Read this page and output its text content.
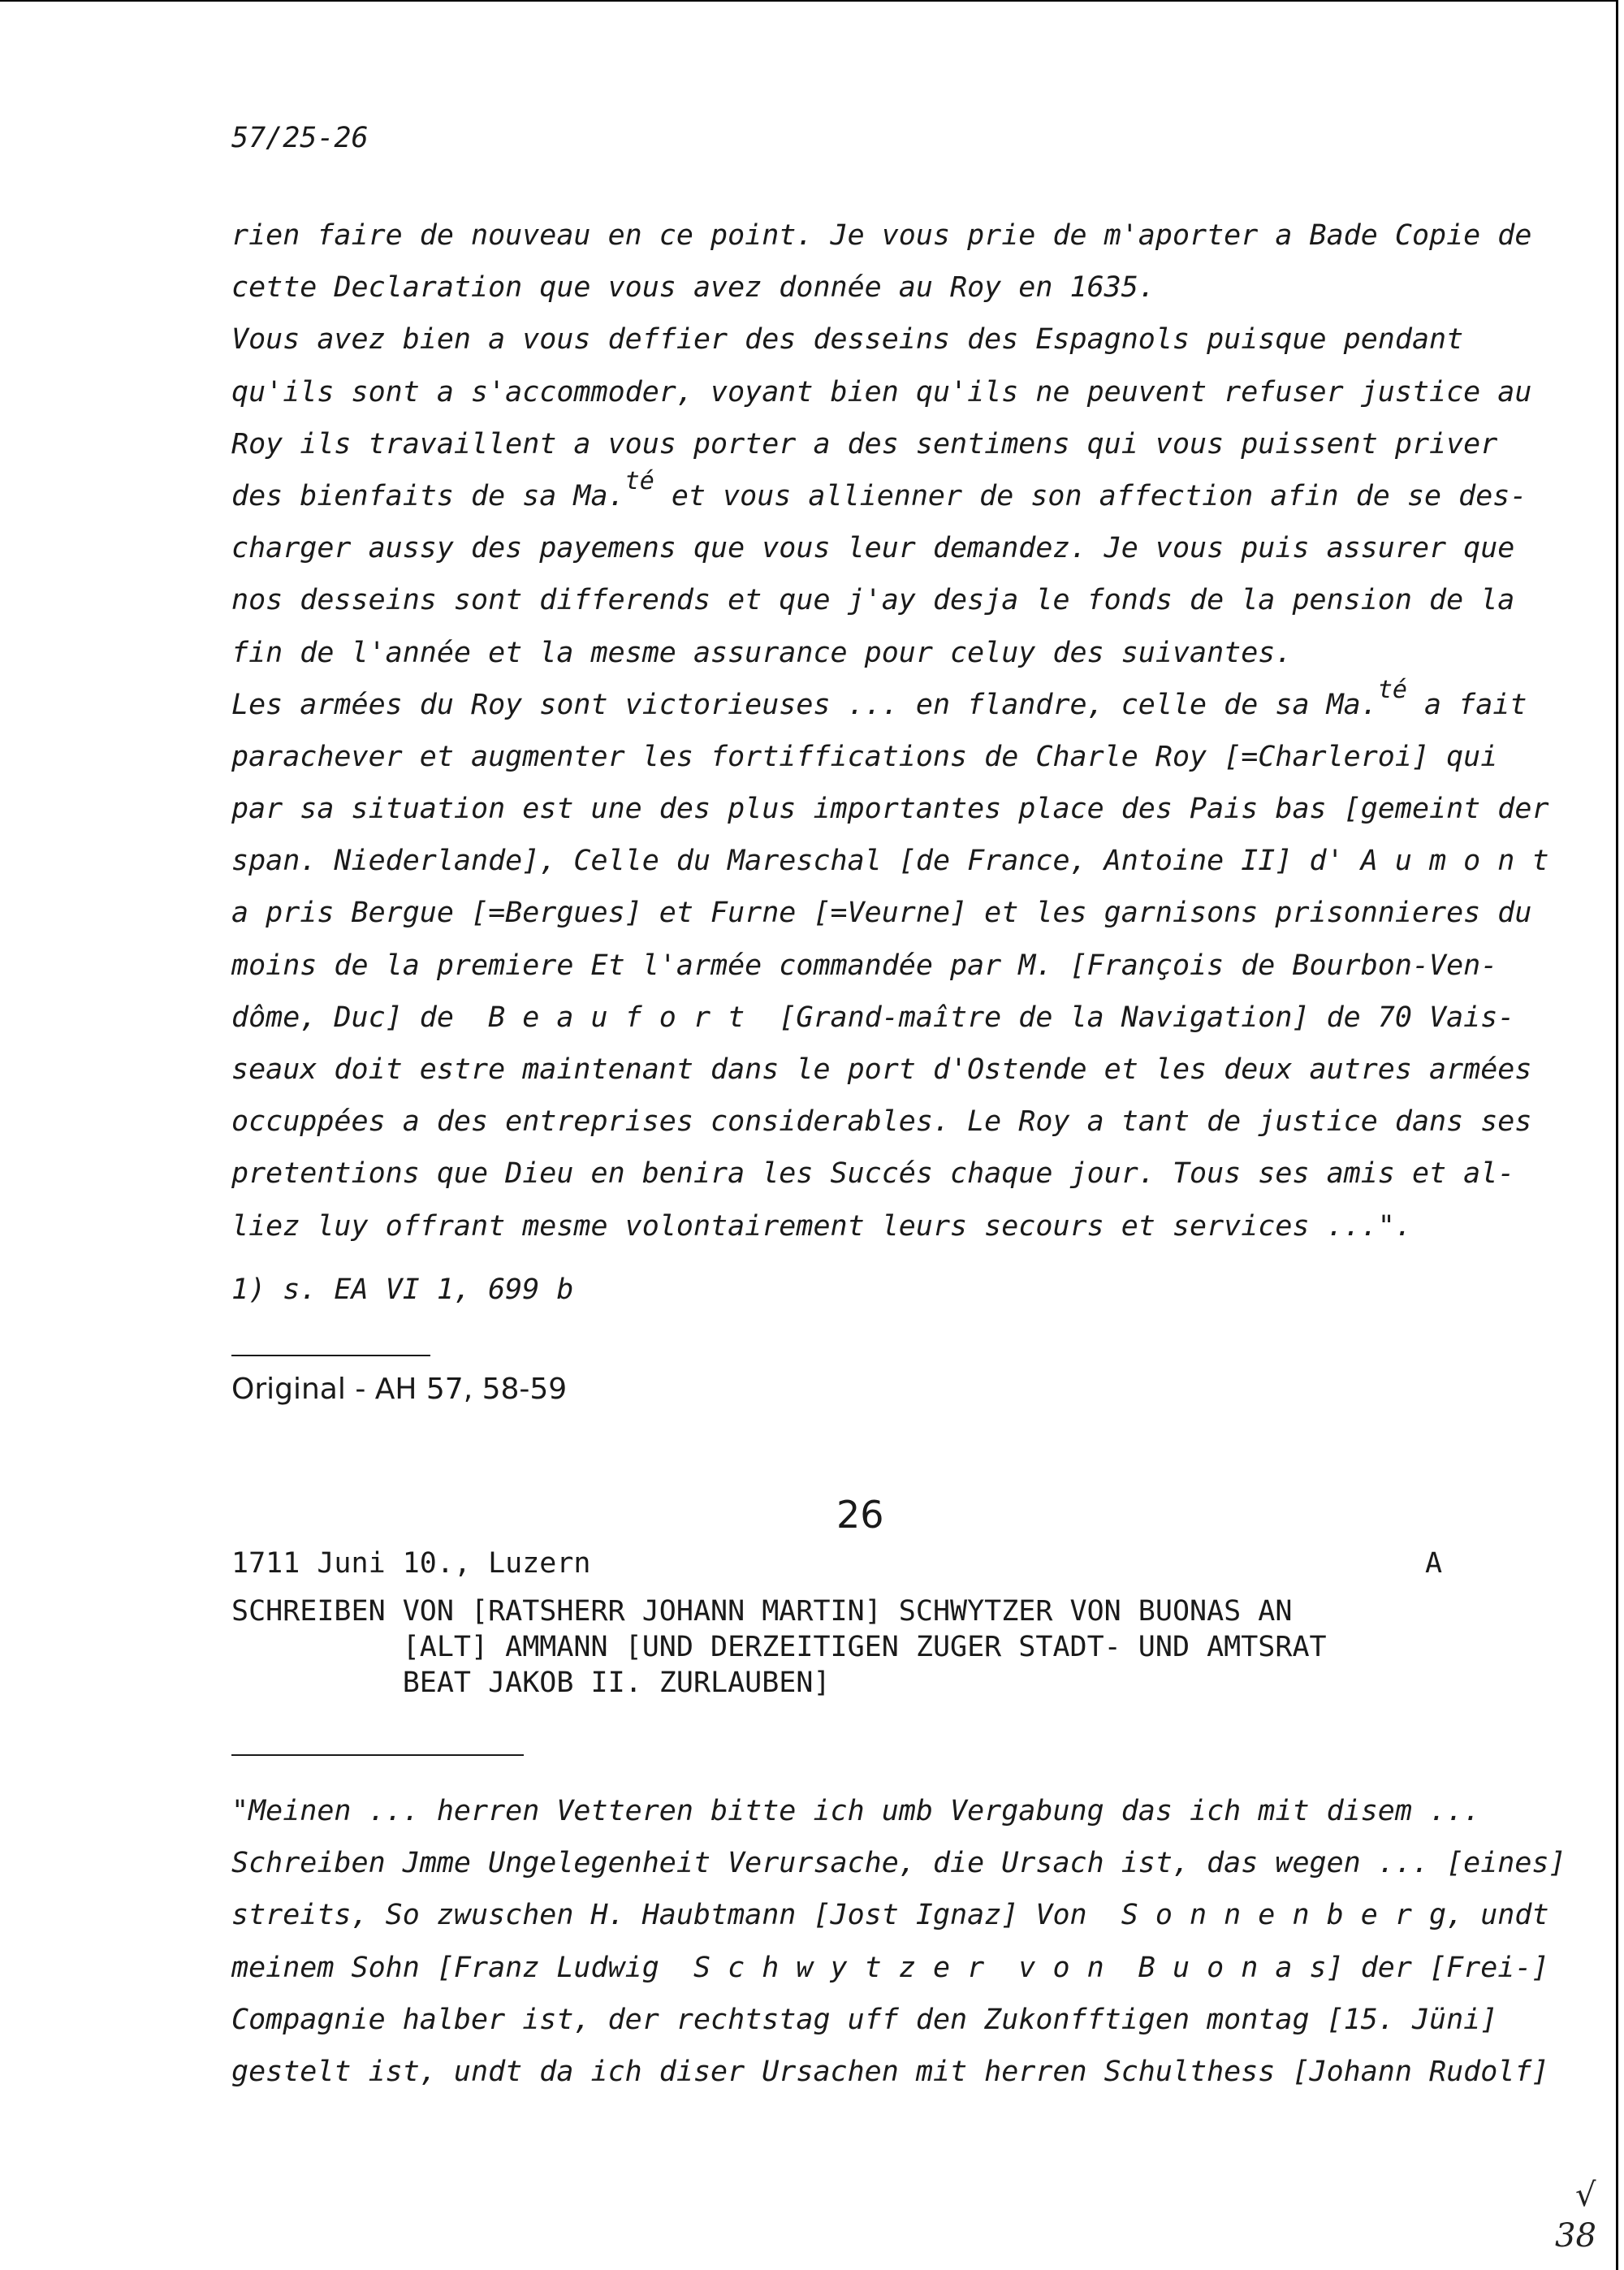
57/25-26
rien faire de nouveau en ce point. Je vous prie de m'aporter a Bade Copie de
cette Declaration que vous avez donnée au Roy en 1635.
Vous avez bien a vous deffier des desseins des Espagnols puisque pendant
qu'ils sont a s'accommoder, voyant bien qu'ils ne peuvent refuser justice au
Roy ils travaillent a vous porter a des sentimens qui vous puissent priver
des bienfaits de sa Ma.té et vous allienner de son affection afin de se des-
charger aussy des payemens que vous leur demandez. Je vous puis assurer que
nos desseins sont differends et que j'ay desja le fonds de la pension de la
fin de l'année et la mesme assurance pour celuy des suivantes.
Les armées du Roy sont victorieuses ... en flandre, celle de sa Ma.té a fait
parachever et augmenter les fortiffications de Charle Roy [=Charleroi] qui
par sa situation est une des plus importantes place des Pais bas [gemeint der
span. Niederlande], Celle du Mareschal [de France, Antoine II] d' A u m o n t
a pris Bergue [=Bergues] et Furne [=Veurne] et les garnisons prisonnieres du
moins de la premiere Et l'armée commandée par M. [François de Bourbon-Ven-
dôme, Duc] de  B e a u f o r t  [Grand-maître de la Navigation] de 70 Vais-
seaux doit estre maintenant dans le port d'Ostende et les deux autres armées
occuppées a des entreprises considerables. Le Roy a tant de justice dans ses
pretentions que Dieu en benira les Succés chaque jour. Tous ses amis et al-
liez luy offrant mesme volontairement leurs secours et services ...".
1) s. EA VI 1, 699 b
Original - AH 57, 58-59
26
1711 Juni 10., Luzern	A
SCHREIBEN VON [RATSHERR JOHANN MARTIN] SCHWYTZER VON BUONAS AN
[ALT] AMMANN [UND DERZEITIGEN ZUGER STADT- UND AMTSRAT
BEAT JAKOB II. ZURLAUBEN]
"Meinen ... herren Vetteren bitte ich umb Vergabung das ich mit disem ...
Schreiben Jmme Ungelegenheit Verursache, die Ursach ist, das wegen ... [eines]
streits, So zwuschen H. Haubtmann [Jost Ignaz] Von  S o n n e n b e r g, undt
meinem Sohn [Franz Ludwig  S c h w y t z e r  v o n  B u o n a s] der [Frei-]
Compagnie halber ist, der rechtstag uff den Zukonfftigen montag [15. Jüni]
gestelt ist, undt da ich diser Ursachen mit herren Schulthess [Johann Rudolf]
√
38
